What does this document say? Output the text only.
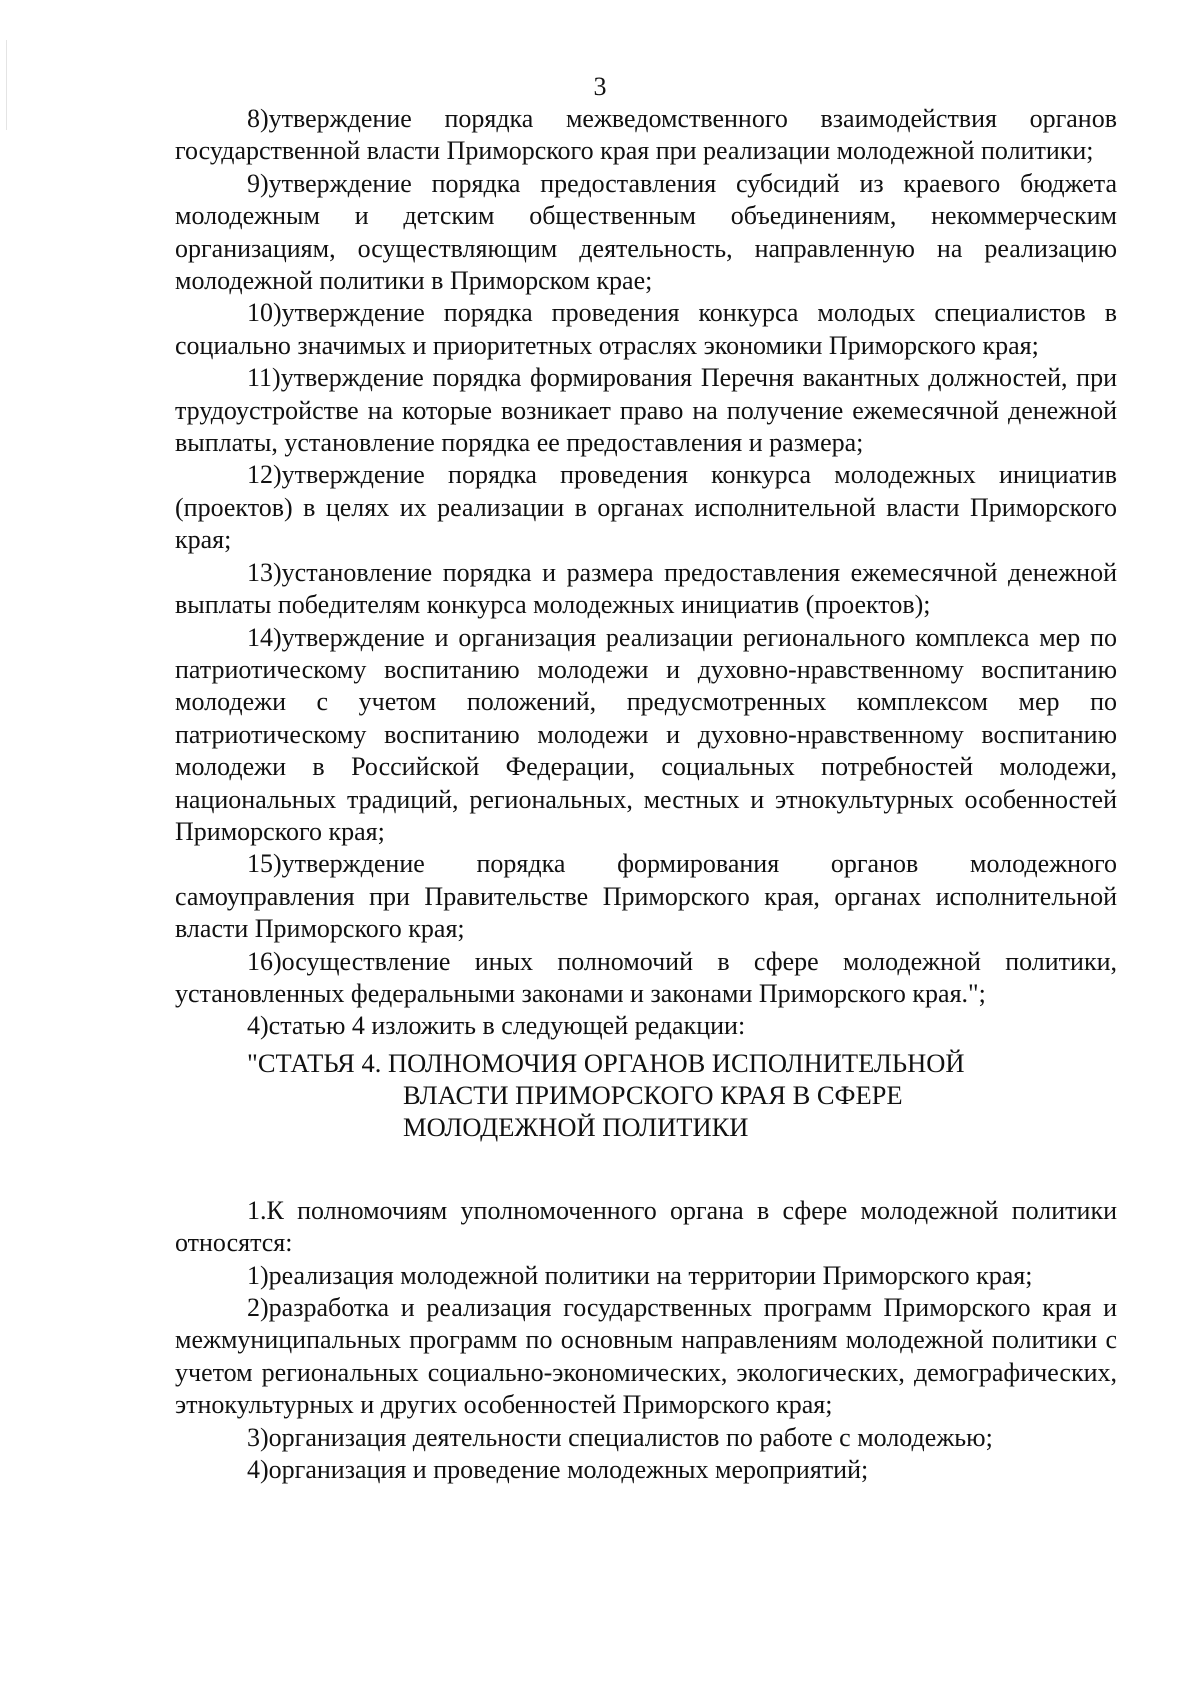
3

8)утверждение порядка межведомственного взаимодействия органов государственной власти Приморского края при реализации молодежной политики;

9)утверждение порядка предоставления субсидий из краевого бюджета молодежным и детским общественным объединениям, некоммерческим организациям, осуществляющим деятельность, направленную на реализацию молодежной политики в Приморском крае;

10)утверждение порядка проведения конкурса молодых специалистов в социально значимых и приоритетных отраслях экономики Приморского края;

11)утверждение порядка формирования Перечня вакантных должностей, при трудоустройстве на которые возникает право на получение ежемесячной денежной выплаты, установление порядка ее предоставления и размера;

12)утверждение порядка проведения конкурса молодежных инициатив (проектов) в целях их реализации в органах исполнительной власти Приморского края;

13)установление порядка и размера предоставления ежемесячной денежной выплаты победителям конкурса молодежных инициатив (проектов);

14)утверждение и организация реализации регионального комплекса мер по патриотическому воспитанию молодежи и духовно-нравственному воспитанию молодежи с учетом положений, предусмотренных комплексом мер по патриотическому воспитанию молодежи и духовно-нравственному воспитанию молодежи в Российской Федерации, социальных потребностей молодежи, национальных традиций, региональных, местных и этнокультурных особенностей Приморского края;

15)утверждение порядка формирования органов молодежного самоуправления при Правительстве Приморского края, органах исполнительной власти Приморского края;

16)осуществление иных полномочий в сфере молодежной политики, установленных федеральными законами и законами Приморского края.";

4)статью 4 изложить в следующей редакции:

"СТАТЬЯ 4. ПОЛНОМОЧИЯ ОРГАНОВ ИСПОЛНИТЕЛЬНОЙ
ВЛАСТИ ПРИМОРСКОГО КРАЯ В СФЕРЕ
МОЛОДЕЖНОЙ ПОЛИТИКИ

1.К полномочиям уполномоченного органа в сфере молодежной политики относятся:

1)реализация молодежной политики на территории Приморского края;

2)разработка и реализация государственных программ Приморского края и межмуниципальных программ по основным направлениям молодежной политики с учетом региональных социально-экономических, экологических, демографических, этнокультурных и других особенностей Приморского края;

3)организация деятельности специалистов по работе с молодежью;

4)организация и проведение молодежных мероприятий;
